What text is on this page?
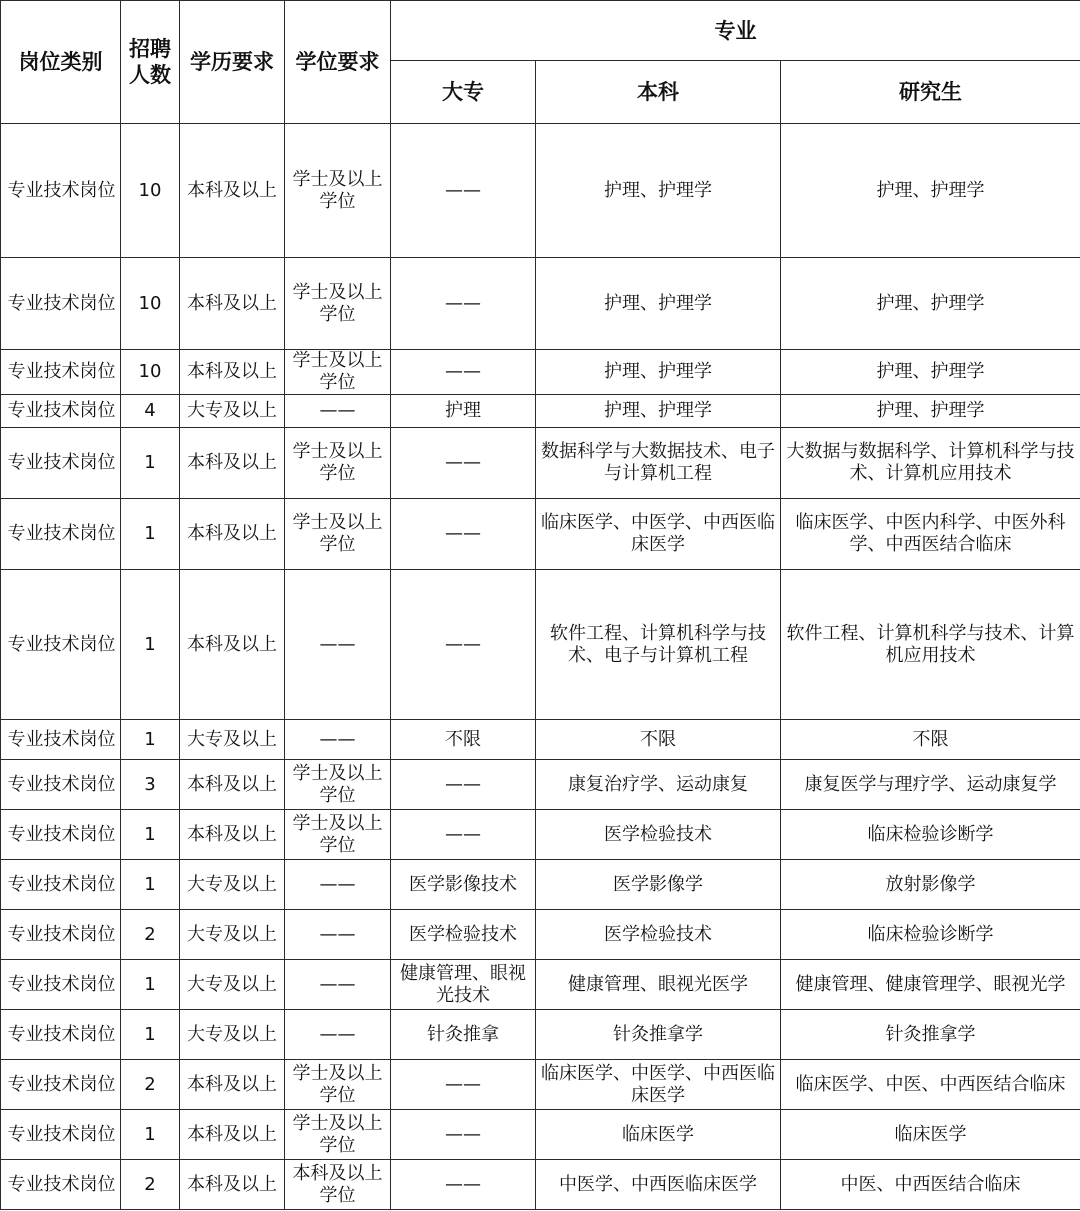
岗位类别	招聘人数	学历要求	学位要求	专业		
				大专	本科	研究生
专业技术岗位	10	本科及以上	学士及以上学位	——	护理、护理学	护理、护理学
专业技术岗位	10	本科及以上	学士及以上学位	——	护理、护理学	护理、护理学
专业技术岗位	10	本科及以上	学士及以上学位	——	护理、护理学	护理、护理学
专业技术岗位	4	大专及以上	——	护理	护理、护理学	护理、护理学
专业技术岗位	1	本科及以上	学士及以上学位	——	数据科学与大数据技术、电子与计算机工程	大数据与数据科学、计算机科学与技术、计算机应用技术
专业技术岗位	1	本科及以上	学士及以上学位	——	临床医学、中医学、中西医临床医学	临床医学、中医内科学、中医外科学、中西医结合临床
专业技术岗位	1	本科及以上	——	——	软件工程、计算机科学与技术、电子与计算机工程	软件工程、计算机科学与技术、计算机应用技术
专业技术岗位	1	大专及以上	——	不限	不限	不限
专业技术岗位	3	本科及以上	学士及以上学位	——	康复治疗学、运动康复	康复医学与理疗学、运动康复学
专业技术岗位	1	本科及以上	学士及以上学位	——	医学检验技术	临床检验诊断学
专业技术岗位	1	大专及以上	——	医学影像技术	医学影像学	放射影像学
专业技术岗位	2	大专及以上	——	医学检验技术	医学检验技术	临床检验诊断学
专业技术岗位	1	大专及以上	——	健康管理、眼视光技术	健康管理、眼视光医学	健康管理、健康管理学、眼视光学
专业技术岗位	1	大专及以上	——	针灸推拿	针灸推拿学	针灸推拿学
专业技术岗位	2	本科及以上	学士及以上学位	——	临床医学、中医学、中西医临床医学	临床医学、中医、中西医结合临床
专业技术岗位	1	本科及以上	学士及以上学位	——	临床医学	临床医学
专业技术岗位	2	本科及以上	本科及以上学位	——	中医学、中西医临床医学	中医、中西医结合临床
